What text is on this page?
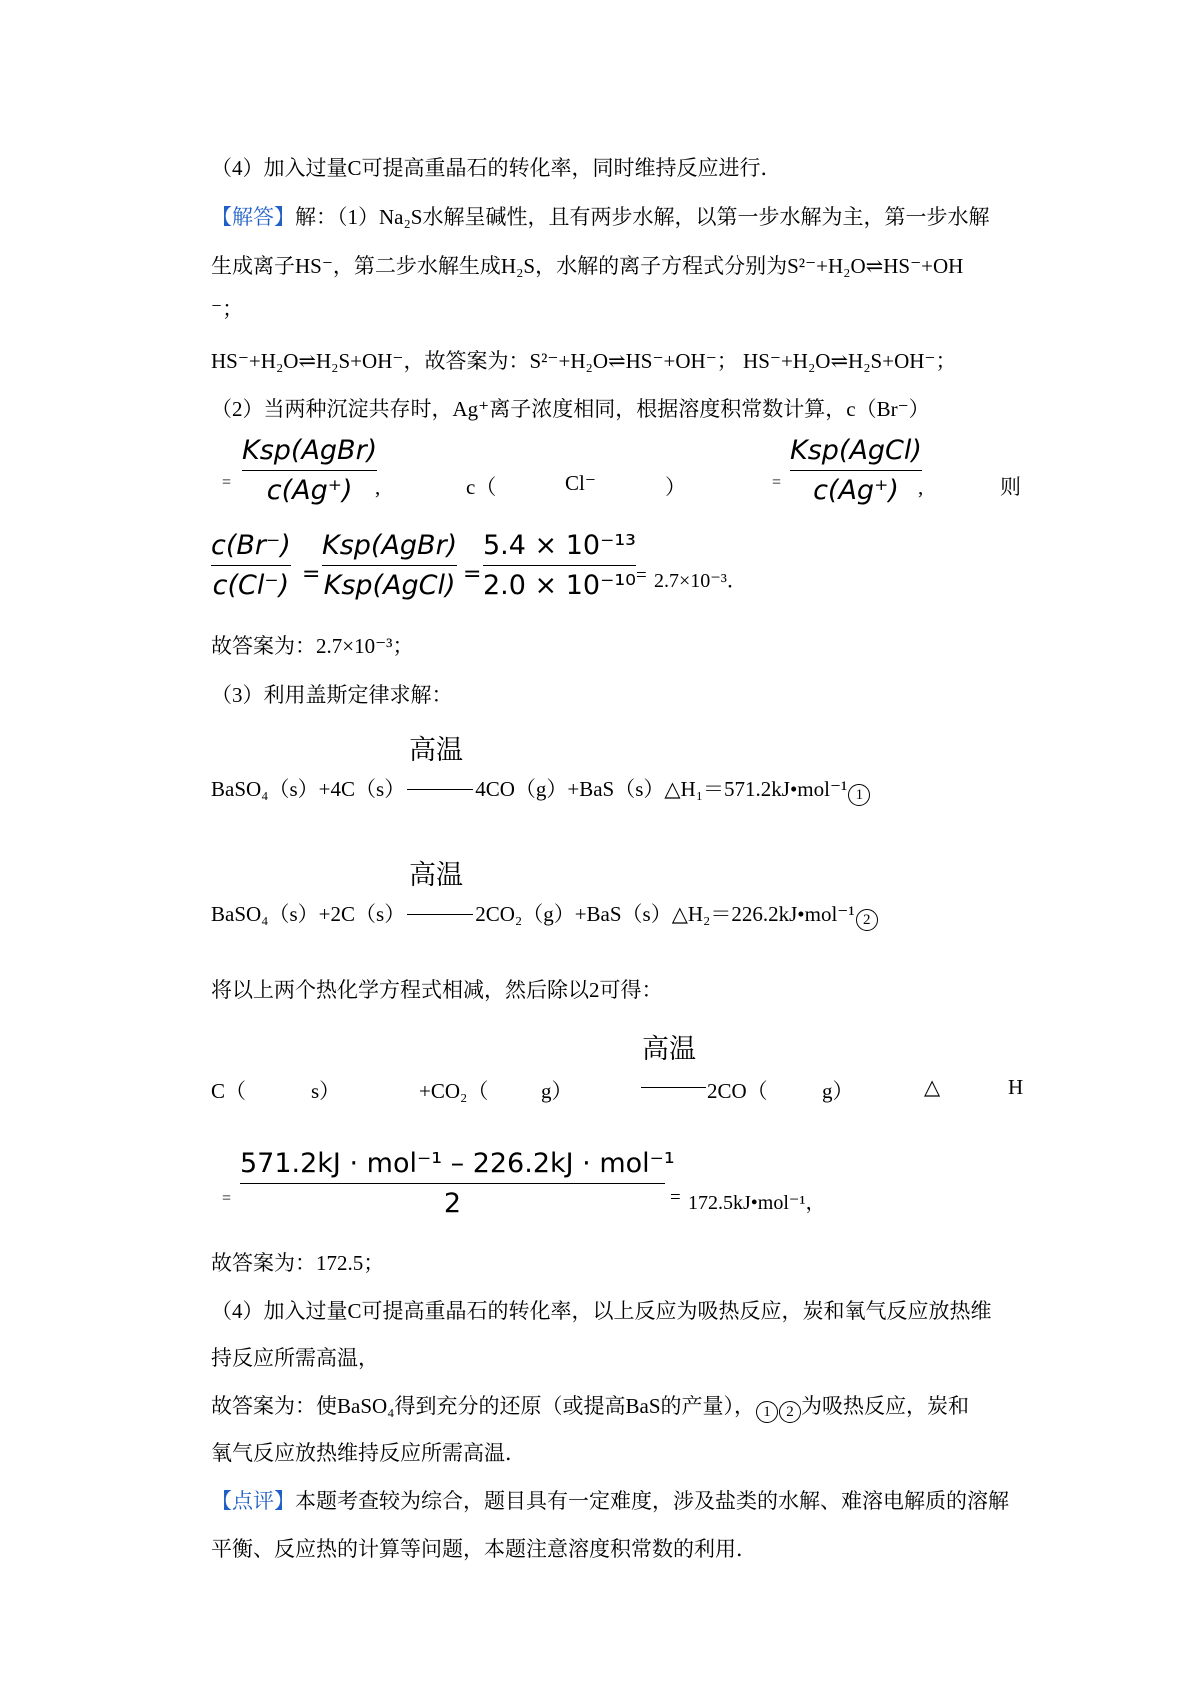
（4）加入过量C可提高重晶石的转化率，同时维持反应进行．
【解答】解：（1）Na₂S水解呈碱性，且有两步水解，以第一步水解为主，第一步水解
生成离子HS⁻，第二步水解生成H₂S，水解的离子方程式分别为S²⁻+H₂O⇌HS⁻+OH
⁻；
HS⁻+H₂O⇌H₂S+OH⁻，故答案为：S²⁻+H₂O⇌HS⁻+OH⁻； HS⁻+H₂O⇌H₂S+OH⁻；
（2）当两种沉淀共存时，Ag⁺离子浓度相同，根据溶度积常数计算，c（Br⁻）
=
Ksp(AgBr)
c(Ag⁺)	,	c（	Cl⁻	）	=
Ksp(AgCl)
c(Ag⁺) ,	则
c(Br⁻)
c(Cl⁻) =
Ksp(AgBr)
Ksp(AgCl) =
5.4 × 10⁻¹³
2.0 × 10⁻¹⁰ = 2.7×10⁻³．
故答案为：2.7×10⁻³；
（3）利用盖斯定律求解：
高温
BaSO₄（s）+4C（s）	4CO（g）+BaS（s）△H₁＝571.2kJ•mol⁻¹ 1
高温
BaSO₄（s）+2C（s）	2CO₂（g）+BaS（s）△H₂＝226.2kJ•mol⁻¹ 2
将以上两个热化学方程式相减，然后除以2可得：
高温
C（	s）	+CO₂（	g）	2CO（	g）	△	H
=
571.2kJ · mol⁻¹ – 226.2kJ · mol⁻¹
2	= 172.5kJ•mol⁻¹，
故答案为：172.5；
（4）加入过量C可提高重晶石的转化率，以上反应为吸热反应，炭和氧气反应放热维
持反应所需高温，
故答案为：使BaSO₄得到充分的还原（或提高BaS的产量）， 1 2 为吸热反应，炭和
氧气反应放热维持反应所需高温．
【点评】本题考查较为综合，题目具有一定难度，涉及盐类的水解、难溶电解质的溶解
平衡、反应热的计算等问题，本题注意溶度积常数的利用．
